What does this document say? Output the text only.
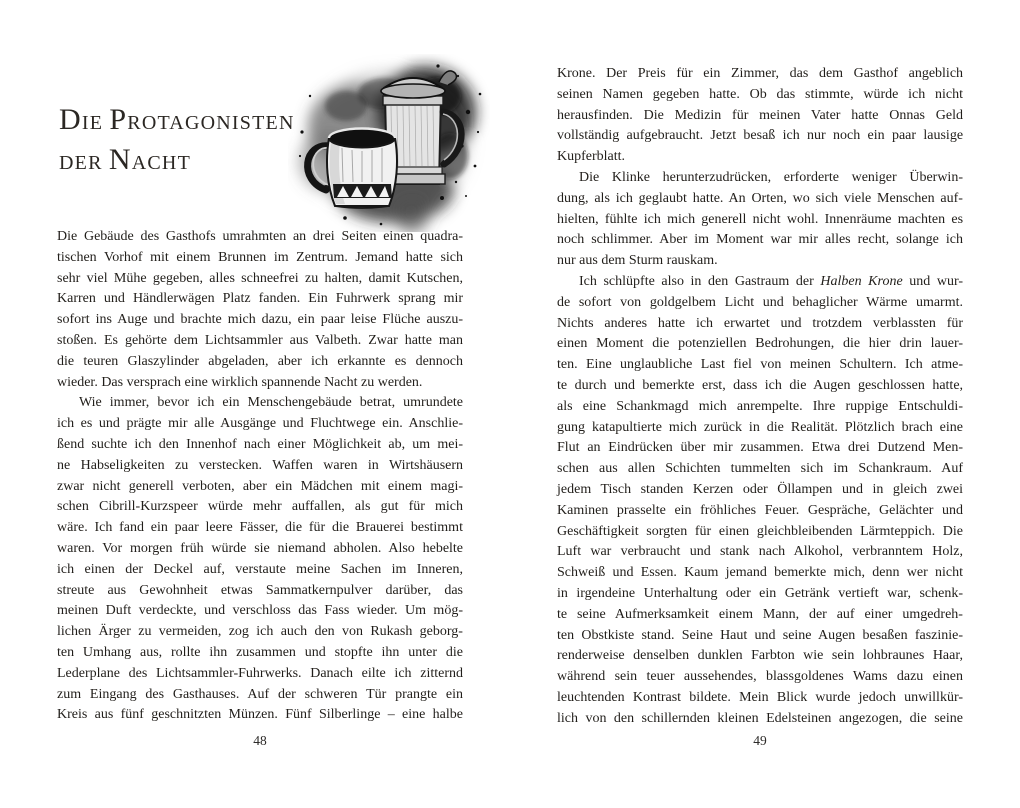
DIE PROTAGONISTEN
DER NACHT
Die Gebäude des Gasthofs umrahmten an drei Seiten einen quadra-
tischen Vorhof mit einem Brunnen im Zentrum. Jemand hatte sich
sehr viel Mühe gegeben, alles schneefrei zu halten, damit Kutschen,
Karren und Händlerwägen Platz fanden. Ein Fuhrwerk sprang mir
sofort ins Auge und brachte mich dazu, ein paar leise Flüche auszu-
stoßen. Es gehörte dem Lichtsammler aus Valbeth. Zwar hatte man
die teuren Glaszylinder abgeladen, aber ich erkannte es dennoch
wieder. Das versprach eine wirklich spannende Nacht zu werden.
Wie immer, bevor ich ein Menschengebäude betrat, umrundete
ich es und prägte mir alle Ausgänge und Fluchtwege ein. Anschlie-
ßend suchte ich den Innenhof nach einer Möglichkeit ab, um mei-
ne Habseligkeiten zu verstecken. Waffen waren in Wirtshäusern
zwar nicht generell verboten, aber ein Mädchen mit einem magi-
schen Cibrill-Kurzspeer würde mehr auffallen, als gut für mich
wäre. Ich fand ein paar leere Fässer, die für die Brauerei bestimmt
waren. Vor morgen früh würde sie niemand abholen. Also hebelte
ich einen der Deckel auf, verstaute meine Sachen im Inneren,
streute aus Gewohnheit etwas Sammatkernpulver darüber, das
meinen Duft verdeckte, und verschloss das Fass wieder. Um mög-
lichen Ärger zu vermeiden, zog ich auch den von Rukash geborg-
ten Umhang aus, rollte ihn zusammen und stopfte ihn unter die
Lederplane des Lichtsammler-Fuhrwerks. Danach eilte ich zitternd
zum Eingang des Gasthauses. Auf der schweren Tür prangte ein
Kreis aus fünf geschnitzten Münzen. Fünf Silberlinge – eine halbe
48
Krone. Der Preis für ein Zimmer, das dem Gasthof angeblich
seinen Namen gegeben hatte. Ob das stimmte, würde ich nicht
herausfinden. Die Medizin für meinen Vater hatte Onnas Geld
vollständig aufgebraucht. Jetzt besaß ich nur noch ein paar lausige
Kupferblatt.
Die Klinke herunterzudrücken, erforderte weniger Überwin-
dung, als ich geglaubt hatte. An Orten, wo sich viele Menschen auf-
hielten, fühlte ich mich generell nicht wohl. Innenräume machten es
noch schlimmer. Aber im Moment war mir alles recht, solange ich
nur aus dem Sturm rauskam.
Ich schlüpfte also in den Gastraum der Halben Krone und wur-
de sofort von goldgelbem Licht und behaglicher Wärme umarmt.
Nichts anderes hatte ich erwartet und trotzdem verblassten für
einen Moment die potenziellen Bedrohungen, die hier drin lauer-
ten. Eine unglaubliche Last fiel von meinen Schultern. Ich atme-
te durch und bemerkte erst, dass ich die Augen geschlossen hatte,
als eine Schankmagd mich anrempelte. Ihre ruppige Entschuldi-
gung katapultierte mich zurück in die Realität. Plötzlich brach eine
Flut an Eindrücken über mir zusammen. Etwa drei Dutzend Men-
schen aus allen Schichten tummelten sich im Schankraum. Auf
jedem Tisch standen Kerzen oder Öllampen und in gleich zwei
Kaminen prasselte ein fröhliches Feuer. Gespräche, Gelächter und
Geschäftigkeit sorgten für einen gleichbleibenden Lärmteppich. Die
Luft war verbraucht und stank nach Alkohol, verbranntem Holz,
Schweiß und Essen. Kaum jemand bemerkte mich, denn wer nicht
in irgendeine Unterhaltung oder ein Getränk vertieft war, schenk-
te seine Aufmerksamkeit einem Mann, der auf einer umgedreh-
ten Obstkiste stand. Seine Haut und seine Augen besaßen faszinie-
renderweise denselben dunklen Farbton wie sein lohbraunes Haar,
während sein teuer aussehendes, blassgoldenes Wams dazu einen
leuchtenden Kontrast bildete. Mein Blick wurde jedoch unwillkür-
lich von den schillernden kleinen Edelsteinen angezogen, die seine
49
